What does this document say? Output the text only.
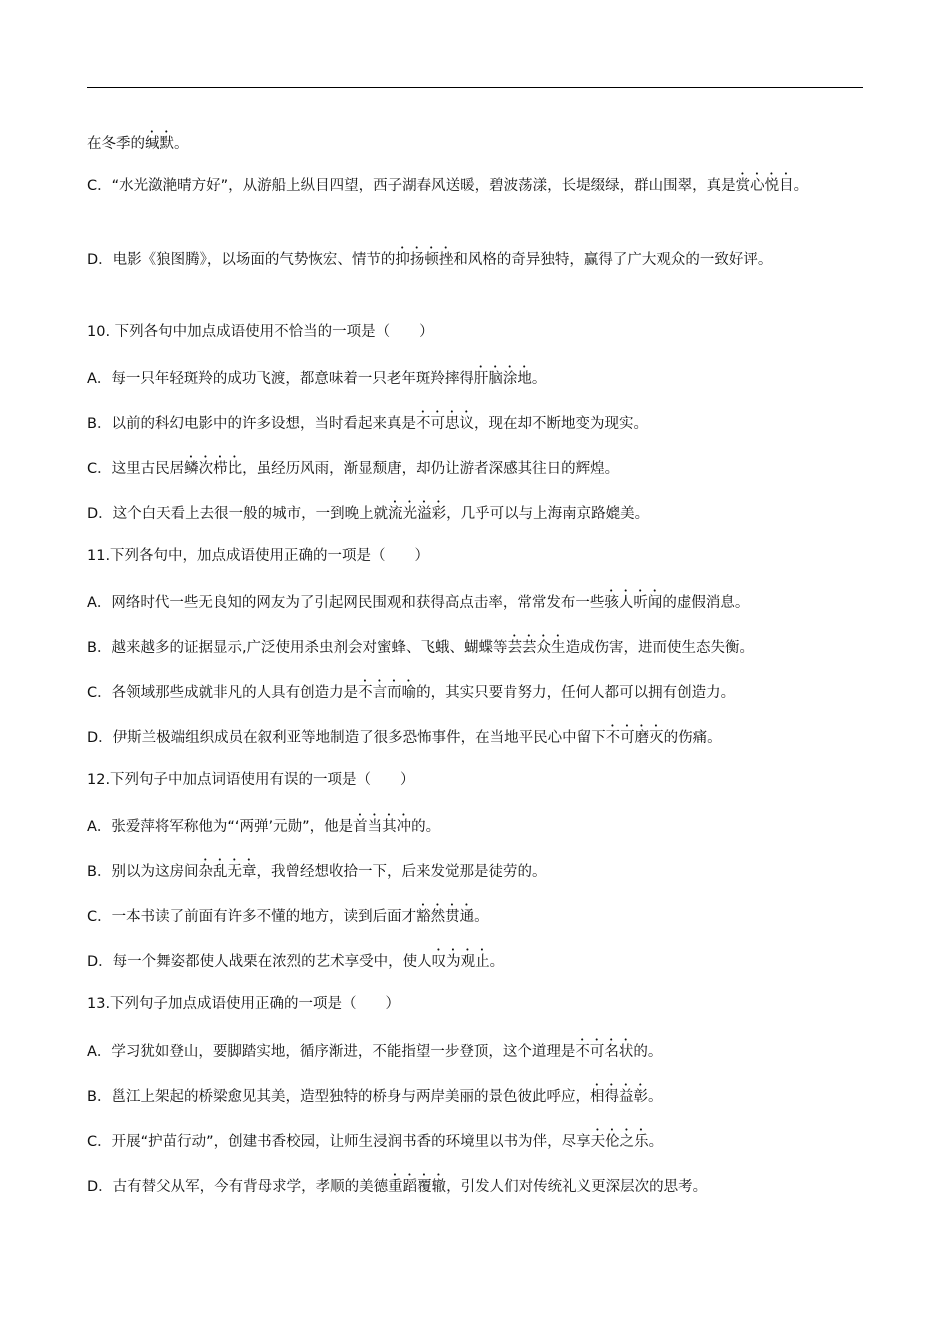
在冬季的缄默。

C．“水光潋滟晴方好”，从游船上纵目四望，西子湖春风送暖，碧波荡漾，长堤缀绿，群山围翠，真是赏心悦目。

D．电影《狼图腾》，以场面的气势恢宏、情节的抑扬顿挫和风格的奇异独特，赢得了广大观众的一致好评。

10. 下列各句中加点成语使用不恰当的一项是（　　）

A．每一只年轻斑羚的成功飞渡，都意味着一只老年斑羚摔得肝脑涂地。

B．以前的科幻电影中的许多设想，当时看起来真是不可思议，现在却不断地变为现实。

C．这里古民居鳞次栉比，虽经历风雨，渐显颓唐，却仍让游者深感其往日的辉煌。

D．这个白天看上去很一般的城市，一到晚上就流光溢彩，几乎可以与上海南京路媲美。

11.下列各句中，加点成语使用正确的一项是（　　）

A．网络时代一些无良知的网友为了引起网民围观和获得高点击率，常常发布一些骇人听闻的虚假消息。

B．越来越多的证据显示,广泛使用杀虫剂会对蜜蜂、飞蛾、蝴蝶等芸芸众生造成伤害，进而使生态失衡。

C．各领域那些成就非凡的人具有创造力是不言而喻的，其实只要肯努力，任何人都可以拥有创造力。

D．伊斯兰极端组织成员在叙利亚等地制造了很多恐怖事件，在当地平民心中留下不可磨灭的伤痛。

12.下列句子中加点词语使用有误的一项是（　　）

A．张爱萍将军称他为“‘两弹’元勋”，他是首当其冲的。

B．别以为这房间杂乱无章，我曾经想收拾一下，后来发觉那是徒劳的。

C．一本书读了前面有许多不懂的地方，读到后面才豁然贯通。

D．每一个舞姿都使人战栗在浓烈的艺术享受中，使人叹为观止。

13.下列句子加点成语使用正确的一项是（　　）

A．学习犹如登山，要脚踏实地，循序渐进，不能指望一步登顶，这个道理是不可名状的。

B．邕江上架起的桥梁愈见其美，造型独特的桥身与两岸美丽的景色彼此呼应，相得益彰。

C．开展“护苗行动”，创建书香校园，让师生浸润书香的环境里以书为伴，尽享天伦之乐。

D．古有替父从军，今有背母求学，孝顺的美德重蹈覆辙，引发人们对传统礼义更深层次的思考。
